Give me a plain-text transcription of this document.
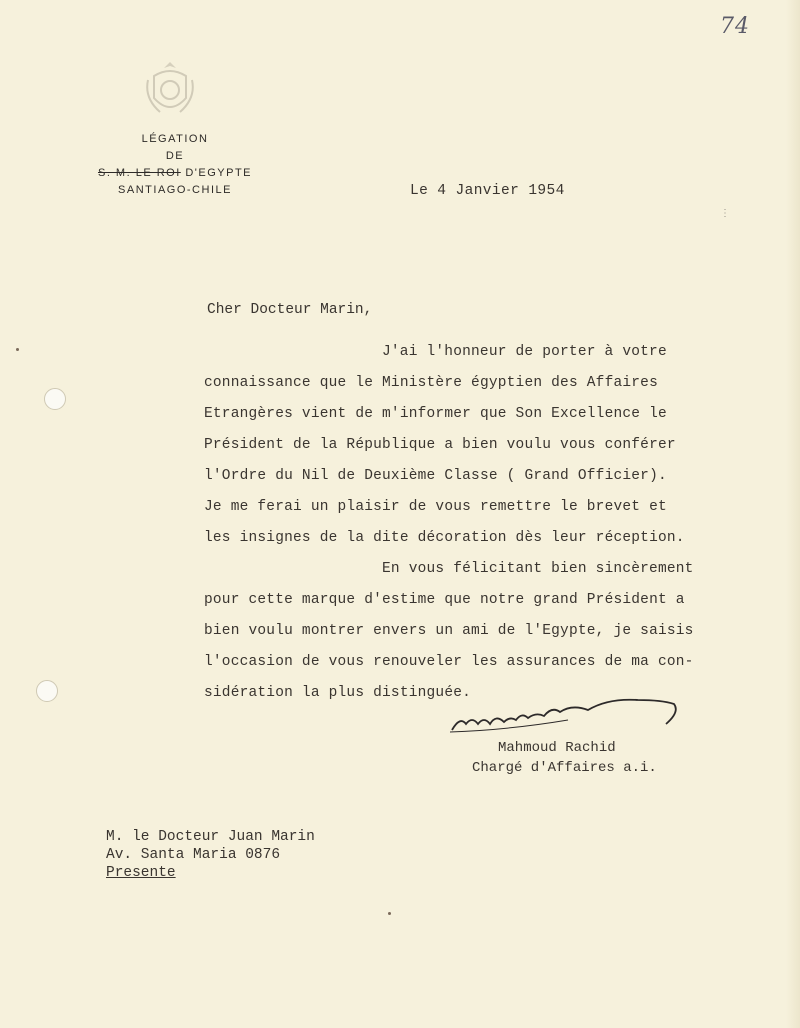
74
LÉGATION
DE
S. M. LE ROI D'EGYPTE
SANTIAGO-CHILE	Le 4 Janvier 1954
⋮
Cher Docteur Marin,

J'ai l'honneur de porter à votre

connaissance que le Ministère égyptien des Affaires

Etrangères vient de m'informer que Son Excellence le

Président de la République a bien voulu vous conférer

l'Ordre du Nil de Deuxième Classe ( Grand Officier).

Je me ferai un plaisir de vous remettre le brevet et

les insignes de la dite décoration dès leur réception.

En vous félicitant bien sincèrement

pour cette marque d'estime que notre grand Président a

bien voulu montrer envers un ami de l'Egypte, je saisis

l'occasion de vous renouveler les assurances de ma con-

sidération la plus distinguée.

Mahmoud Rachid
Chargé d'Affaires a.i.
M. le Docteur Juan Marin
Av. Santa Maria 0876
Presente
